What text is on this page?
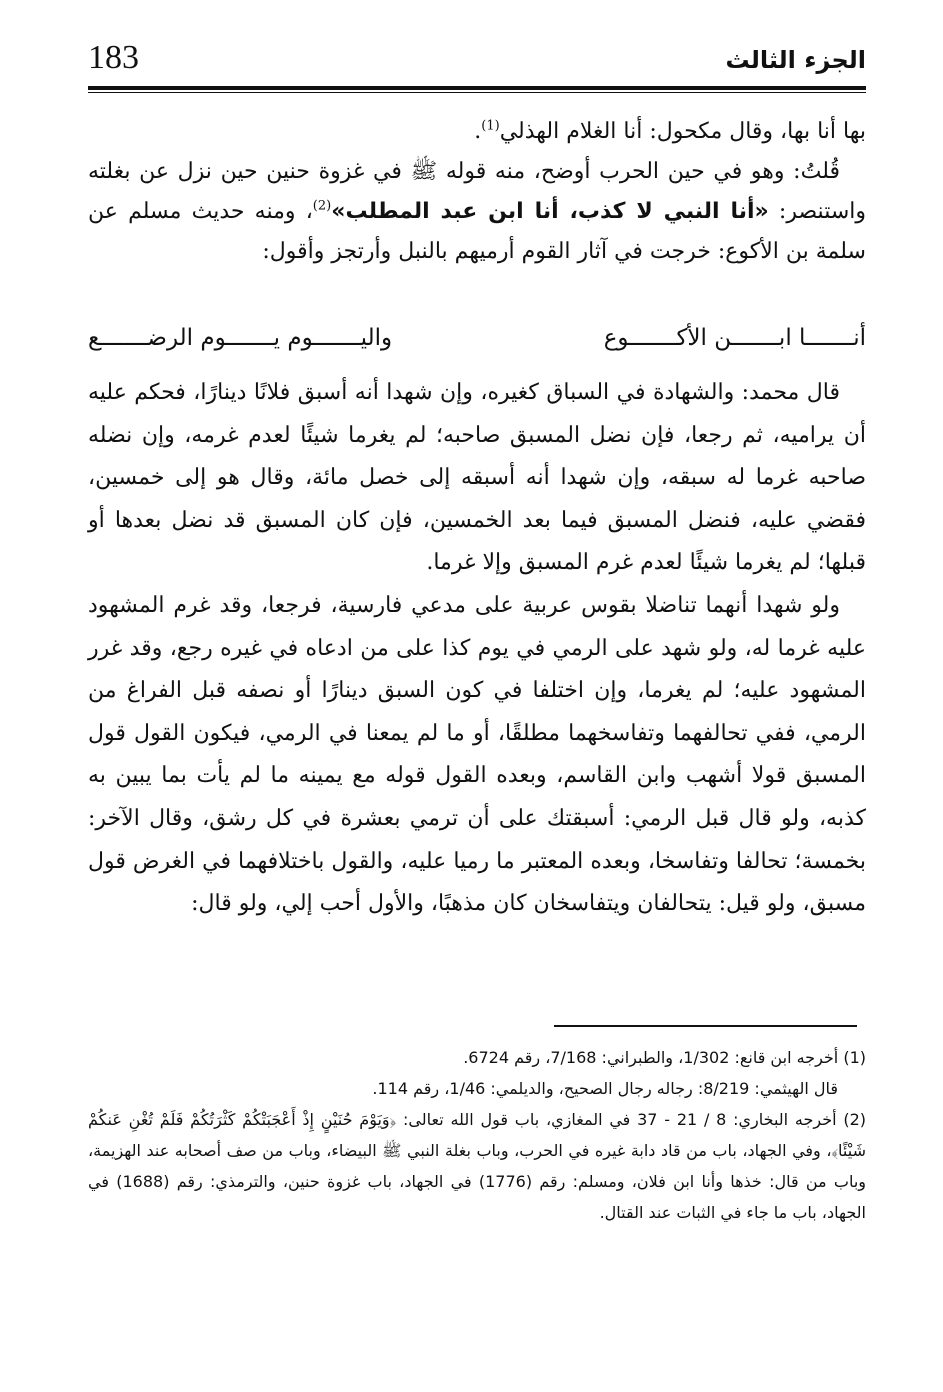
183	الجزء الثالث

بها أنا بها، وقال مكحول: أنا الغلام الهذلي$^{(1)}$.

قُلتُ: وهو في حين الحرب أوضح، منه قوله ﷺ في غزوة حنين حين نزل عن بغلته واستنصر: «أنا النبي لا كذب، أنا ابن عبد المطلب»$^{(2)}$، ومنه حديث مسلم عن سلمة بن الأكوع: خرجت في آثار القوم أرميهم بالنبل وأرتجز وأقول:

أنـــــــا ابـــــــن الأكـــــــوع
واليـــــــوم يـــــــوم الرضـــــــع

قال محمد: والشهادة في السباق كغيره، وإن شهدا أنه أسبق فلانًا دينارًا، فحكم عليه أن يراميه، ثم رجعا، فإن نضل المسبق صاحبه؛ لم يغرما شيئًا لعدم غرمه، وإن نضله صاحبه غرما له سبقه، وإن شهدا أنه أسبقه إلى خصل مائة، وقال هو إلى خمسين، فقضي عليه، فنضل المسبق فيما بعد الخمسين، فإن كان المسبق قد نضل بعدها أو قبلها؛ لم يغرما شيئًا لعدم غرم المسبق وإلا غرما.

ولو شهدا أنهما تناضلا بقوس عربية على مدعي فارسية، فرجعا، وقد غرم المشهود عليه غرما له، ولو شهد على الرمي في يوم كذا على من ادعاه في غيره رجع، وقد غرر المشهود عليه؛ لم يغرما، وإن اختلفا في كون السبق دينارًا أو نصفه قبل الفراغ من الرمي، ففي تحالفهما وتفاسخهما مطلقًا، أو ما لم يمعنا في الرمي، فيكون القول قول المسبق قولا أشهب وابن القاسم، وبعده القول قوله مع يمينه ما لم يأت بما يبين به كذبه، ولو قال قبل الرمي: أسبقتك على أن ترمي بعشرة في كل رشق، وقال الآخر: بخمسة؛ تحالفا وتفاسخا، وبعده المعتبر ما رميا عليه، والقول باختلافهما في الغرض قول مسبق، ولو قيل: يتحالفان ويتفاسخان كان مذهبًا، والأول أحب إلي، ولو قال:

(1) أخرجه ابن قانع: 1/302، والطبراني: 7/168، رقم 6724.

قال الهيثمي: 8/219: رجاله رجال الصحيح، والديلمي: 1/46، رقم 114.

(2) أخرجه البخاري: 8 / 21 - 37 في المغازي، باب قول الله تعالى: ﴿وَيَوْمَ حُنَيْنٍ إِذْ أَعْجَبَتْكُمْ كَثْرَتُكُمْ فَلَمْ تُغْنِ عَنكُمْ شَيْئًا﴾، وفي الجهاد، باب من قاد دابة غيره في الحرب، وباب بغلة النبي ﷺ البيضاء، وباب من صف أصحابه عند الهزيمة، وباب من قال: خذها وأنا ابن فلان، ومسلم: رقم (1776) في الجهاد، باب غزوة حنين، والترمذي: رقم (1688) في الجهاد، باب ما جاء في الثبات عند القتال.
